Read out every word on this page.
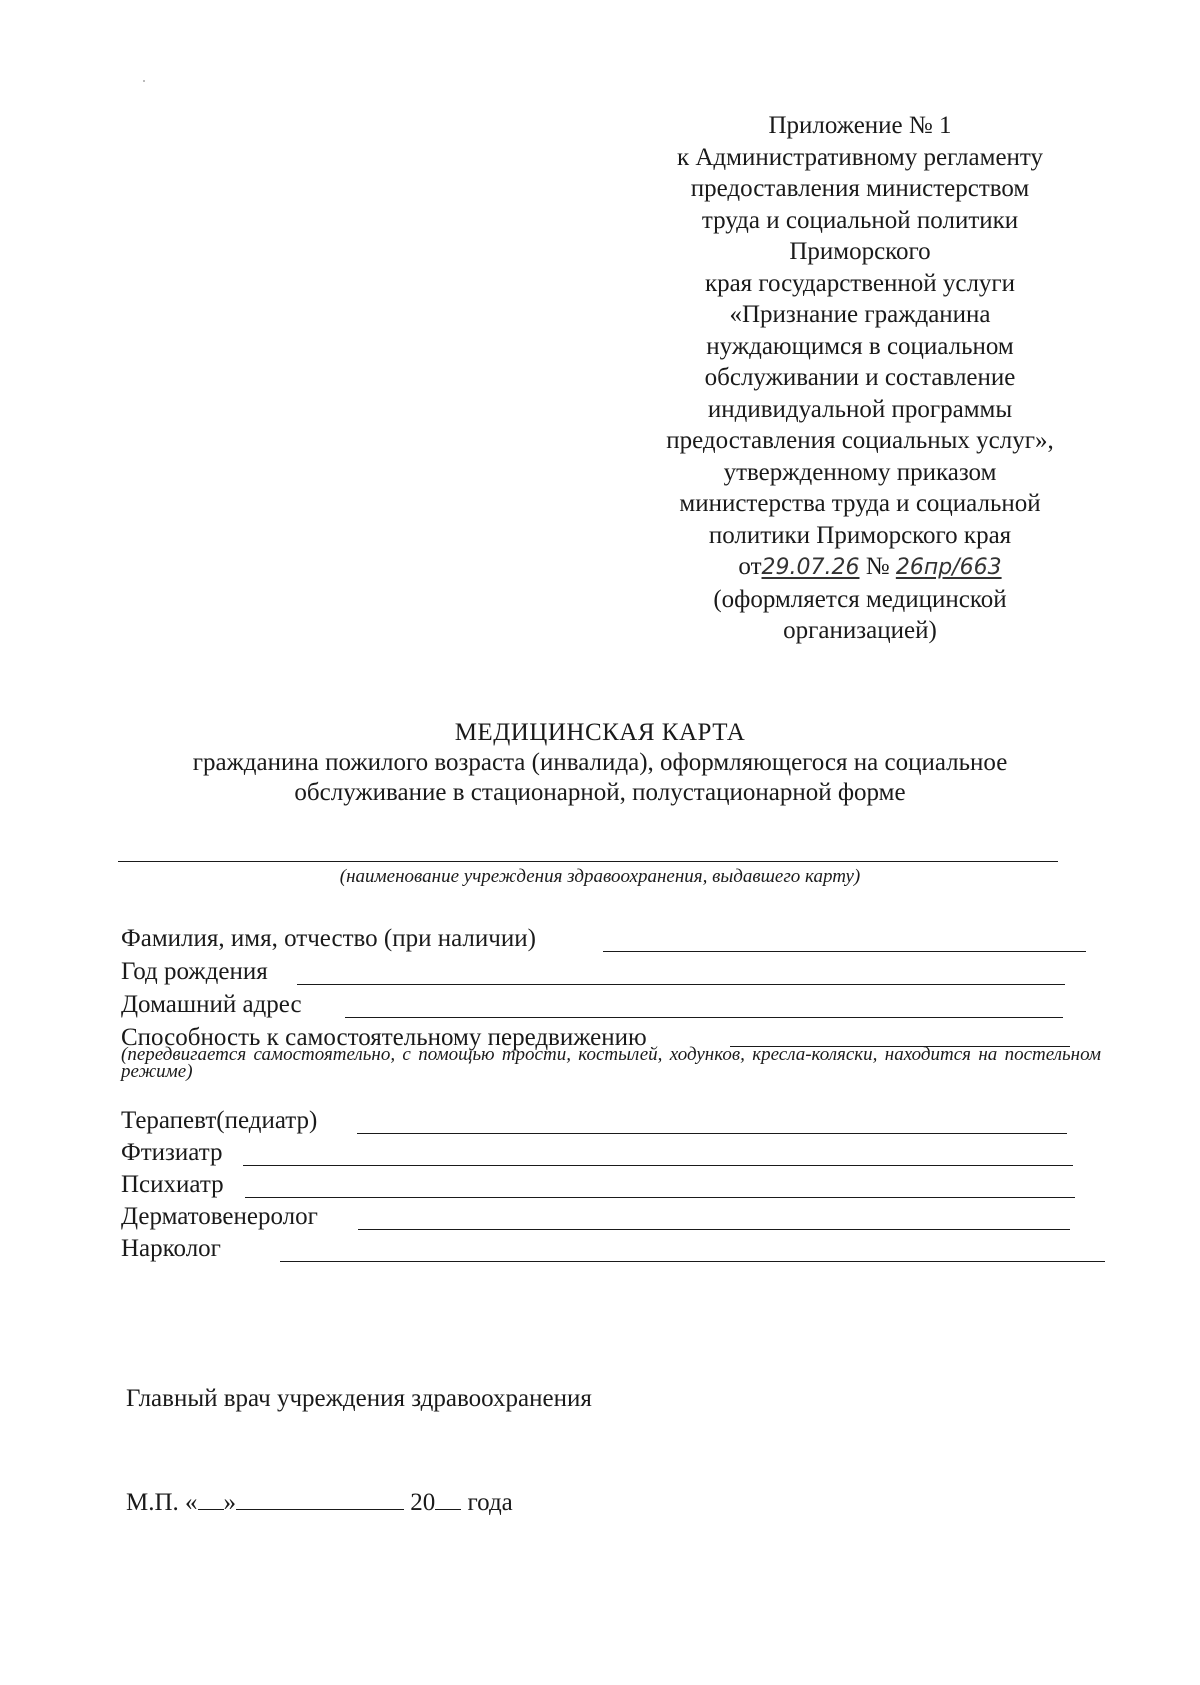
Приложение № 1
к Административному регламенту
предоставления министерством
труда и социальной политики
Приморского
края государственной услуги
«Признание гражданина
нуждающимся в социальном
обслуживании и составление
индивидуальной программы
предоставления социальных услуг»,
утвержденному приказом
министерства труда и социальной
политики Приморского края
от29.07.26 № 26пр/663
(оформляется медицинской
организацией)
МЕДИЦИНСКАЯ КАРТА
гражданина пожилого возраста (инвалида), оформляющегося на социальное
обслуживание в стационарной, полустационарной форме
(наименование учреждения здравоохранения, выдавшего карту)
Фамилия, имя, отчество (при наличии)
Год рождения
Домашний адрес
Способность к самостоятельному передвижению
(передвигается самостоятельно, с помощью трости, костылей, ходунков, кресла-коляски, находится на постельном режиме)
Терапевт(педиатр)
Фтизиатр
Психиатр
Дерматовенеролог
Нарколог
Главный врач учреждения здравоохранения
М.П. « »	20 года
